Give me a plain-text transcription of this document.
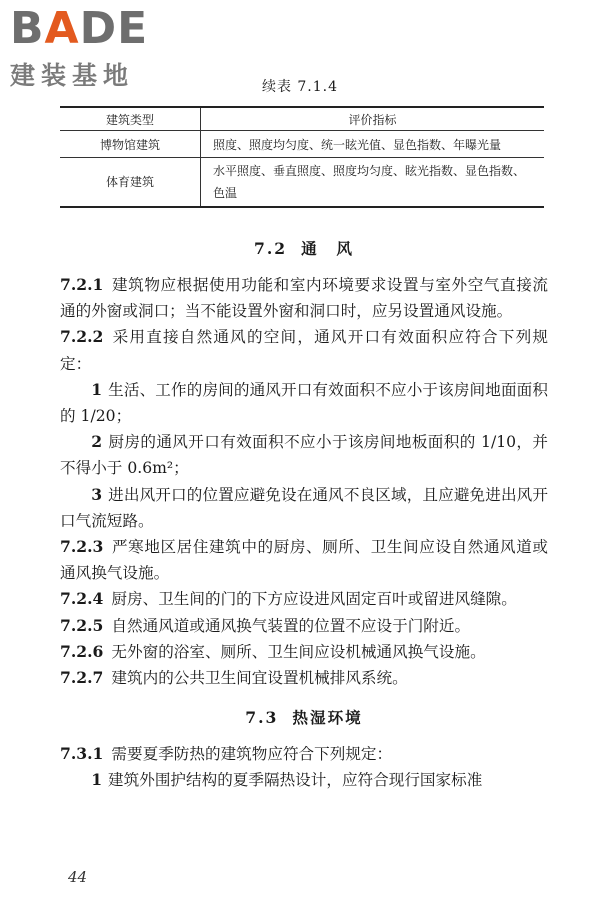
BADE
建装基地	续表 7.1.4
建筑类型	评价指标
博物馆建筑	照度、照度均匀度、统一眩光值、显色指数、年曝光量
体育建筑	水平照度、垂直照度、照度均匀度、眩光指数、显色指数、色温
7.2 通　风
7.2.1 建筑物应根据使用功能和室内环境要求设置与室外空气直接流通的外窗或洞口；当不能设置外窗和洞口时，应另设置通风设施。
7.2.2 采用直接自然通风的空间，通风开口有效面积应符合下列规定：
1 生活、工作的房间的通风开口有效面积不应小于该房间地面面积的 1/20；
2 厨房的通风开口有效面积不应小于该房间地板面积的 1/10，并不得小于 0.6m²；
3 进出风开口的位置应避免设在通风不良区域，且应避免进出风开口气流短路。
7.2.3 严寒地区居住建筑中的厨房、厕所、卫生间应设自然通风道或通风换气设施。
7.2.4 厨房、卫生间的门的下方应设进风固定百叶或留进风缝隙。
7.2.5 自然通风道或通风换气装置的位置不应设于门附近。
7.2.6 无外窗的浴室、厕所、卫生间应设机械通风换气设施。
7.2.7 建筑内的公共卫生间宜设置机械排风系统。
7.3 热湿环境
7.3.1 需要夏季防热的建筑物应符合下列规定：
1 建筑外围护结构的夏季隔热设计，应符合现行国家标准
44
